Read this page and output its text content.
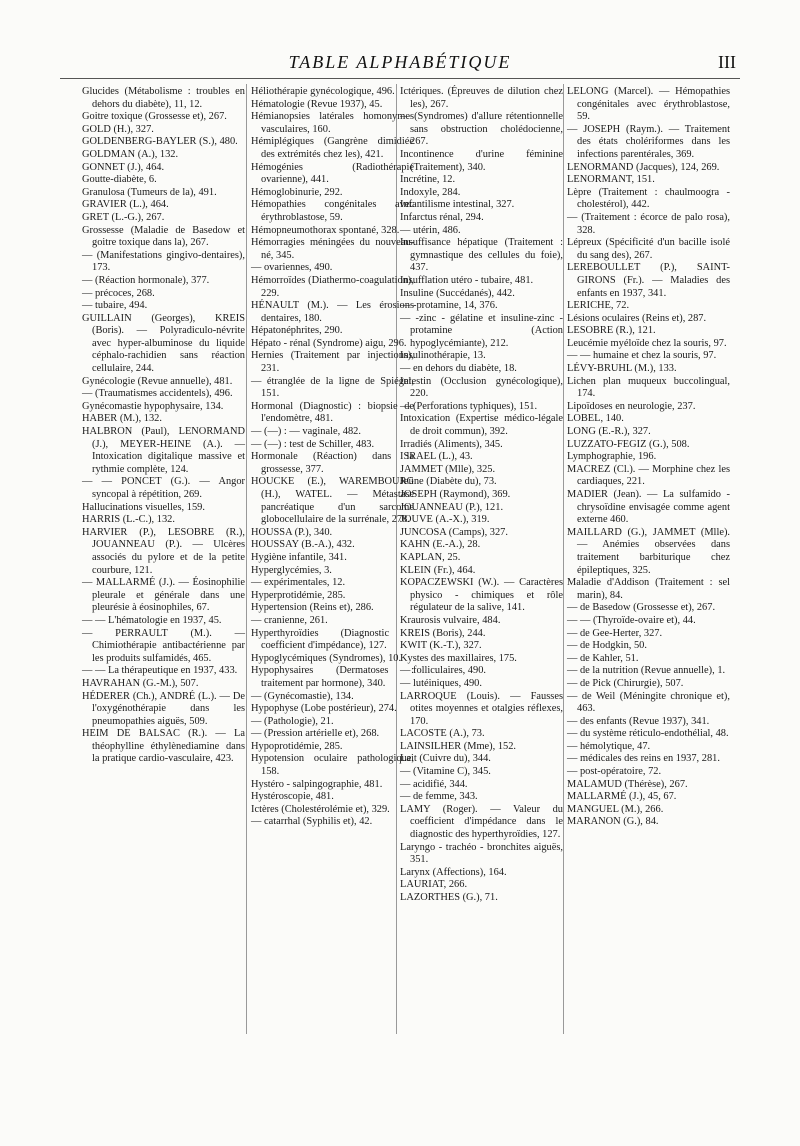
TABLE ALPHABÉTIQUE	III

Glucides (Métabolisme : troubles en dehors du diabète), 11, 12.

Goitre toxique (Grossesse et), 267.

GOLD (H.), 327.

GOLDENBERG-BAYLER (S.), 480.

GOLDMAN (A.), 132.

GONNET (J.), 464.

Goutte-diabète, 6.

Granulosa (Tumeurs de la), 491.

GRAVIER (L.), 464.

GRET (L.-G.), 267.

Grossesse (Maladie de Basedow et goitre toxique dans la), 267.

— (Manifestations gingivo-dentaires), 173.

— (Réaction hormonale), 377.

— précoces, 268.

— tubaire, 494.

GUILLAIN (Georges), KREIS (Boris). — Polyradiculo-névrite avec hyper-albuminose du liquide céphalo-rachidien sans réaction cellulaire, 244.

Gynécologie (Revue annuelle), 481.

— (Traumatismes accidentels), 496.

Gynécomastie hypophysaire, 134.

HABER (M.), 132.

HALBRON (Paul), LENORMAND (J.), MEYER-HEINE (A.). — Intoxication digitalique massive et rythmie complète, 124.

— — PONCET (G.). — Angor syncopal à répétition, 269.

Hallucinations visuelles, 159.

HARRIS (L.-C.), 132.

HARVIER (P.), LESOBRE (R.), JOUANNEAU (P.). — Ulcères associés du pylore et de la petite courbure, 121.

— MALLARMÉ (J.). — Éosinophilie pleurale et générale dans une pleurésie à éosinophiles, 67.

— — L'hématologie en 1937, 45.

— PERRAULT (M.). — Chimiothérapie antibactérienne par les produits sulfamidés, 465.

— — La thérapeutique en 1937, 433.

HAVRAHAN (G.-M.), 507.

HÉDERER (Ch.), ANDRÉ (L.). — De l'oxygénothérapie dans les pneumopathies aiguës, 509.

HEIM DE BALSAC (R.). — La théophylline éthylènediamine dans la pratique cardio-vasculaire, 423.

Héliothérapie gynécologique, 496.

Hématologie (Revue 1937), 45.

Hémianopsies latérales homonymes vasculaires, 160.

Hémiplégiques (Gangrène dimidiée des extrémités chez les), 421.

Hémogénies (Radiothérapie ovarienne), 441.

Hémoglobinurie, 292.

Hémopathies congénitales avec érythroblastose, 59.

Hémopneumothorax spontané, 328.

Hémorragies méningées du nouveau-né, 345.

— ovariennes, 490.

Hémorroïdes (Diathermo-coagulation), 229.

HÉNAULT (M.). — Les érosions dentaires, 180.

Hépatonéphrites, 290.

Hépato - rénal (Syndrome) aigu, 296.

Hernies (Traitement par injections), 231.

— étranglée de la ligne de Spiégel, 151.

Hormonal (Diagnostic) : biopsie de l'endomètre, 481.

— (—) : — vaginale, 482.

— (—) : test de Schiller, 483.

Hormonale (Réaction) dans la grossesse, 377.

HOUCKE (E.), WAREMBOURG (H.), WATEL. — Métastase pancréatique d'un sarcome globocellulaire de la surrénale, 278.

HOUSSA (P.), 340.

HOUSSAY (B.-A.), 432.

Hygiène infantile, 341.

Hyperglycémies, 3.

— expérimentales, 12.

Hyperprotidémie, 285.

Hypertension (Reins et), 286.

— cranienne, 261.

Hyperthyroïdies (Diagnostic : coefficient d'impédance), 127.

Hypoglycémiques (Syndromes), 10.

Hypophysaires (Dermatoses : traitement par hormone), 340.

— (Gynécomastie), 134.

Hypophyse (Lobe postérieur), 274.

— (Pathologie), 21.

— (Pression artérielle et), 268.

Hypoprotidémie, 285.

Hypotension oculaire pathologique, 158.

Hystéro - salpingographie, 481.

Hystéroscopie, 481.

Ictères (Cholestérolémie et), 329.

— catarrhal (Syphilis et), 42.

Ictériques. (Épreuves de dilution chez les), 267.

— (Syndromes) d'allure rétentionnelle sans obstruction cholédocienne, 267.

Incontinence d'urine féminine (Traitement), 340.

Incrétine, 12.

Indoxyle, 284.

Infantilisme intestinal, 327.

Infarctus rénal, 294.

— utérin, 486.

Insuffisance hépatique (Traitement : gymnastique des cellules du foie), 437.

Insufflation utéro - tubaire, 481.

Insuline (Succédanés), 442.

— -protamine, 14, 376.

— -zinc - gélatine et insuline-zinc - protamine (Action hypoglycémiante), 212.

Insulinothérapie, 13.

— en dehors du diabète, 18.

Intestin (Occlusion gynécologique), 220.

— (Perforations typhiques), 151.

Intoxication (Expertise médico-légale de droit commun), 392.

Irradiés (Aliments), 345.

ISRAEL (L.), 43.

JAMMET (Mlle), 325.

Jeûne (Diabète du), 73.

JOSEPH (Raymond), 369.

JOUANNEAU (P.), 121.

JOUVE (A.-X.), 319.

JUNCOSA (Camps), 327.

KAHN (E.-A.), 28.

KAPLAN, 25.

KLEIN (Fr.), 464.

KOPACZEWSKI (W.). — Caractères physico - chimiques et rôle régulateur de la salive, 141.

Kraurosis vulvaire, 484.

KREIS (Boris), 244.

KWIT (K.-T.), 327.

Kystes des maxillaires, 175.

— folliculaires, 490.

— lutéiniques, 490.

LARROQUE (Louis). — Fausses otites moyennes et otalgies réflexes, 170.

LACOSTE (A.), 73.

LAINSILHER (Mme), 152.

Lait (Cuivre du), 344.

— (Vitamine C), 345.

— acidifié, 344.

— de femme, 343.

LAMY (Roger). — Valeur du coefficient d'impédance dans le diagnostic des hyperthyroïdies, 127.

Laryngo - trachéo - bronchites aiguës, 351.

Larynx (Affections), 164.

LAURIAT, 266.

LAZORTHES (G.), 71.

LELONG (Marcel). — Hémopathies congénitales avec érythroblastose, 59.

— JOSEPH (Raym.). — Traitement des états cholériformes dans les infections parentérales, 369.

LENORMAND (Jacques), 124, 269.

LENORMANT, 151.

Lèpre (Traitement : chaulmoogra - cholestérol), 442.

— (Traitement : écorce de palo rosa), 328.

Lépreux (Spécificité d'un bacille isolé du sang des), 267.

LEREBOULLET (P.), SAINT-GIRONS (Fr.). — Maladies des enfants en 1937, 341.

LERICHE, 72.

Lésions oculaires (Reins et), 287.

LESOBRE (R.), 121.

Leucémie myéloïde chez la souris, 97.

— — humaine et chez la souris, 97.

LÉVY-BRUHL (M.), 133.

Lichen plan muqueux buccolingual, 174.

Lipoïdoses en neurologie, 237.

LOBEL, 140.

LONG (E.-R.), 327.

LUZZATO-FEGIZ (G.), 508.

Lymphographie, 196.

MACREZ (Cl.). — Morphine chez les cardiaques, 221.

MADIER (Jean). — La sulfamido - chrysoïdine envisagée comme agent externe 460.

MAILLARD (G.), JAMMET (Mlle). — Anémies observées dans traitement barbiturique chez épileptiques, 325.

Maladie d'Addison (Traitement : sel marin), 84.

— de Basedow (Grossesse et), 267.

— — (Thyroïde-ovaire et), 44.

— de Gee-Herter, 327.

— de Hodgkin, 50.

— de Kahler, 51.

— de la nutrition (Revue annuelle), 1.

— de Pick (Chirurgie), 507.

— de Weil (Méningite chronique et), 463.

— des enfants (Revue 1937), 341.

— du système réticulo-endothélial, 48.

— hémolytique, 47.

— médicales des reins en 1937, 281.

— post-opératoire, 72.

MALAMUD (Thérèse), 267.

MALLARMÉ (J.), 45, 67.

MANGUEL (M.), 266.

MARANON (G.), 84.
